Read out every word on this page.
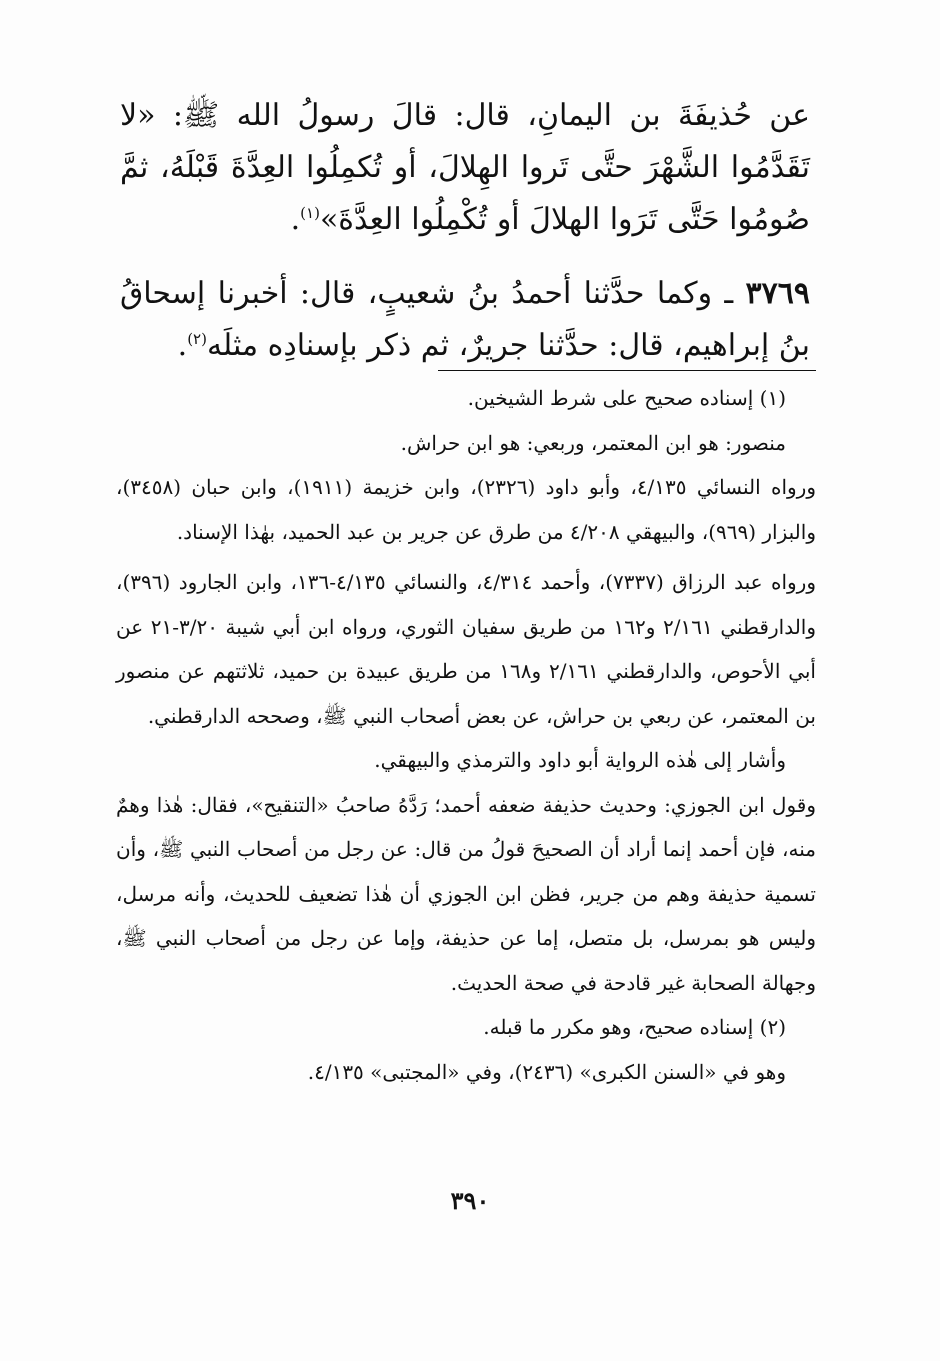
عن حُذيفَةَ بن اليمانِ، قال: قالَ رسولُ الله ﷺ: «لا تَقَدَّمُوا الشَّهْرَ حتَّى تَروا الهِلالَ، أو تُكمِلُوا العِدَّةَ قَبْلَهُ، ثمَّ صُومُوا حَتَّى تَرَوا الهلالَ أو تُكْمِلُوا العِدَّةَ»$^{(١)}$.

٣٧٦٩ ـ وكما حدَّثنا أحمدُ بنُ شعيبٍ، قال: أخبرنا إسحاقُ بنُ إبراهيم، قال: حدَّثنا جريرٌ، ثم ذكر بإسنادِه مثلَه$^{(٢)}$.

(١) إسناده صحيح على شرط الشيخين.

منصور: هو ابن المعتمر، وربعي: هو ابن حراش.

ورواه النسائي ٤/١٣٥، وأبو داود (٢٣٢٦)، وابن خزيمة (١٩١١)، وابن حبان (٣٤٥٨)، والبزار (٩٦٩)، والبيهقي ٤/٢٠٨ من طرق عن جرير بن عبد الحميد، بهٰذا الإسناد.

ورواه عبد الرزاق (٧٣٣٧)، وأحمد ٤/٣١٤، والنسائي ٤/١٣٥-١٣٦، وابن الجارود (٣٩٦)، والدارقطني ٢/١٦١ و١٦٢ من طريق سفيان الثوري، ورواه ابن أبي شيبة ٣/٢٠-٢١ عن أبي الأحوص، والدارقطني ٢/١٦١ و١٦٨ من طريق عبيدة بن حميد، ثلاثتهم عن منصور بن المعتمر، عن ربعي بن حراش، عن بعض أصحاب النبي ﷺ، وصححه الدارقطني.

وأشار إلى هٰذه الرواية أبو داود والترمذي والبيهقي.

وقول ابن الجوزي: وحديث حذيفة ضعفه أحمد؛ رَدَّهُ صاحبُ «التنقيح»، فقال: هٰذا وهمٌ منه، فإن أحمد إنما أراد أن الصحيحَ قولُ من قال: عن رجل من أصحاب النبي ﷺ، وأن تسمية حذيفة وهم من جرير، فظن ابن الجوزي أن هٰذا تضعيف للحديث، وأنه مرسل، وليس هو بمرسل، بل متصل، إما عن حذيفة، وإما عن رجل من أصحاب النبي ﷺ، وجهالة الصحابة غير قادحة في صحة الحديث.

(٢) إسناده صحيح، وهو مكرر ما قبله.

وهو في «السنن الكبرى» (٢٤٣٦)، وفي «المجتبى» ٤/١٣٥.

٣٩٠
